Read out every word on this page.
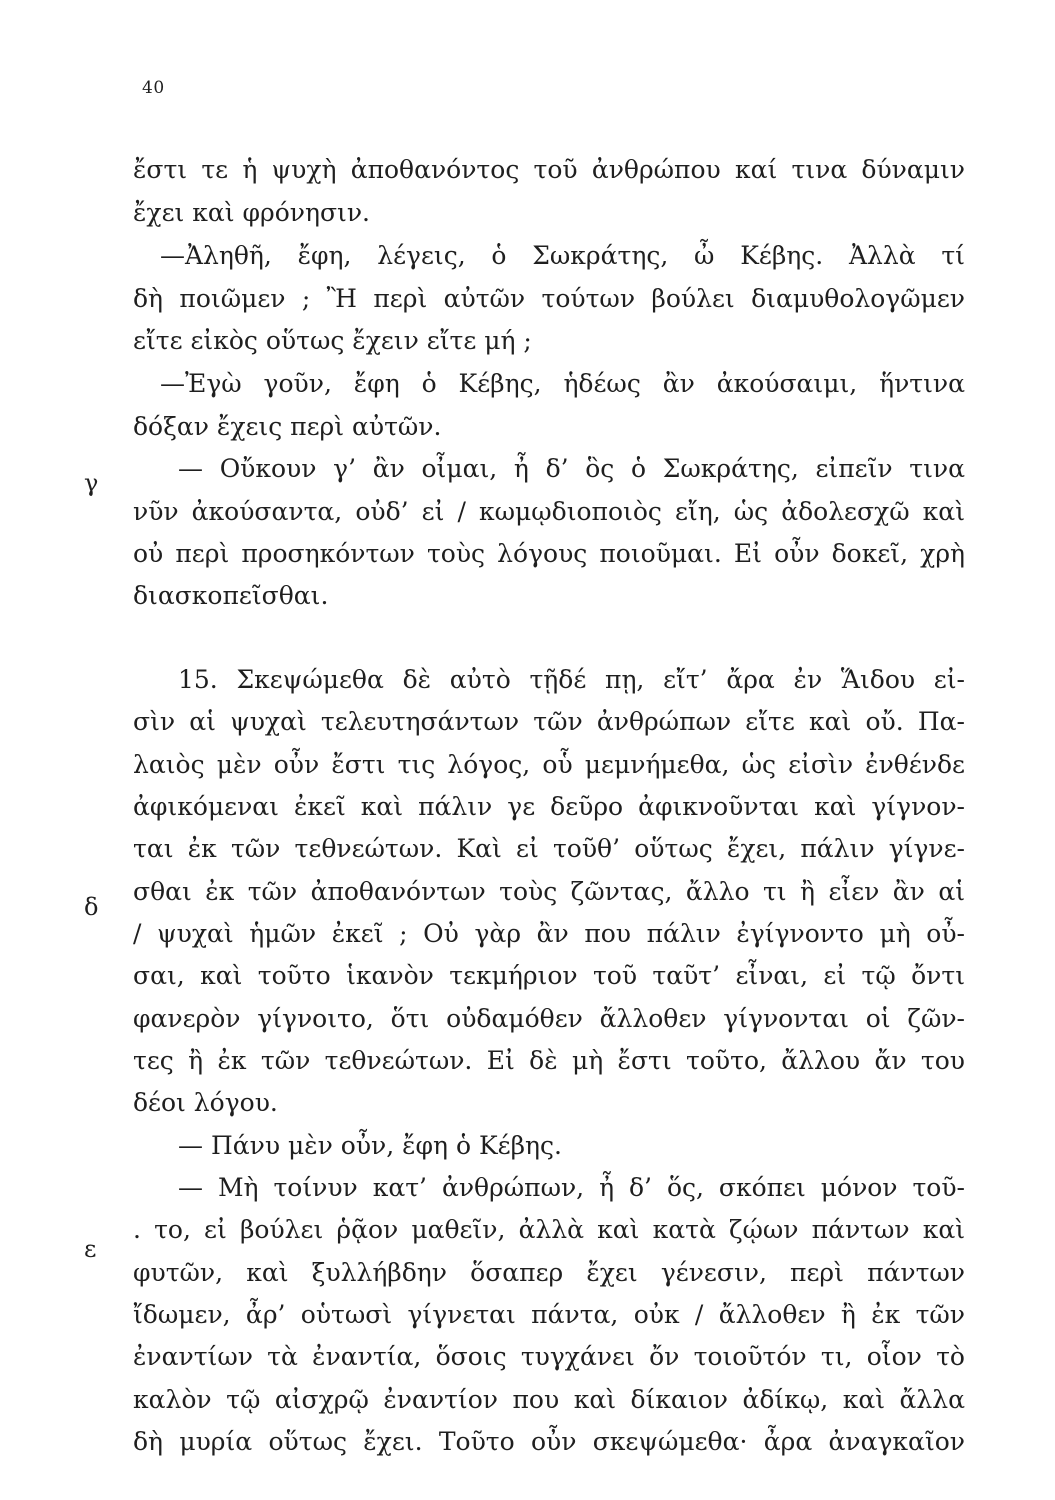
40
γ
δ
ε
ἔστι τε ἡ ψυχὴ ἀποθανόντος τοῦ ἀνθρώπου καί τινα δύναμιν
ἔχει καὶ φρόνησιν.
—Ἀληθῆ, ἔφη, λέγεις, ὁ Σωκράτης, ὦ Κέβης. Ἀλλὰ τί
δὴ ποιῶμεν ; Ἢ περὶ αὐτῶν τούτων βούλει διαμυθολογῶμεν
εἴτε εἰκὸς οὕτως ἔχειν εἴτε μή ;
—Ἐγὼ γοῦν, ἔφη ὁ Κέβης, ἡδέως ἂν ἀκούσαιμι, ἥντινα
δόξαν ἔχεις περὶ αὐτῶν.
— Οὔκουν γ’ ἂν οἶμαι, ἦ δ’ ὃς ὁ Σωκράτης, εἰπεῖν τινα
νῦν ἀκούσαντα, οὐδ’ εἰ / κωμῳδιοποιὸς εἴη, ὡς ἀδολεσχῶ καὶ
οὐ περὶ προσηκόντων τοὺς λόγους ποιοῦμαι. Εἰ οὖν δοκεῖ, χρὴ
διασκοπεῖσθαι.
15. Σκεψώμεθα δὲ αὐτὸ τῇδέ πῃ, εἴτ’ ἄρα ἐν Ἅιδου εἰ-
σὶν αἱ ψυχαὶ τελευτησάντων τῶν ἀνθρώπων εἴτε καὶ οὔ. Πα-
λαιὸς μὲν οὖν ἔστι τις λόγος, οὗ μεμνήμεθα, ὡς εἰσὶν ἐνθένδε
ἀφικόμεναι ἐκεῖ καὶ πάλιν γε δεῦρο ἀφικνοῦνται καὶ γίγνον-
ται ἐκ τῶν τεθνεώτων. Καὶ εἰ τοῦθ’ οὕτως ἔχει, πάλιν γίγνε-
σθαι ἐκ τῶν ἀποθανόντων τοὺς ζῶντας, ἄλλο τι ἢ εἶεν ἂν αἱ
/ ψυχαὶ ἡμῶν ἐκεῖ ; Οὐ γὰρ ἂν που πάλιν ἐγίγνοντο μὴ οὖ-
σαι, καὶ τοῦτο ἱκανὸν τεκμήριον τοῦ ταῦτ’ εἶναι, εἰ τῷ ὄντι
φανερὸν γίγνοιτο, ὅτι οὐδαμόθεν ἄλλοθεν γίγνονται οἱ ζῶν-
τες ἢ ἐκ τῶν τεθνεώτων. Εἰ δὲ μὴ ἔστι τοῦτο, ἄλλου ἄν του
δέοι λόγου.
— Πάνυ μὲν οὖν, ἔφη ὁ Κέβης.
— Μὴ τοίνυν κατ’ ἀνθρώπων, ἦ δ’ ὅς, σκόπει μόνον τοῦ-
. το, εἰ βούλει ῥᾷον μαθεῖν, ἀλλὰ καὶ κατὰ ζῴων πάντων καὶ
φυτῶν, καὶ ξυλλήβδην ὅσαπερ ἔχει γένεσιν, περὶ πάντων
ἴδωμεν, ἆρ’ οὑτωσὶ γίγνεται πάντα, οὐκ / ἄλλοθεν ἢ ἐκ τῶν
ἐναντίων τὰ ἐναντία, ὅσοις τυγχάνει ὄν τοιοῦτόν τι, οἷον τὸ
καλὸν τῷ αἰσχρῷ ἐναντίον που καὶ δίκαιον ἀδίκῳ, καὶ ἄλλα
δὴ μυρία οὕτως ἔχει. Τοῦτο οὖν σκεψώμεθα· ἆρα ἀναγκαῖον
